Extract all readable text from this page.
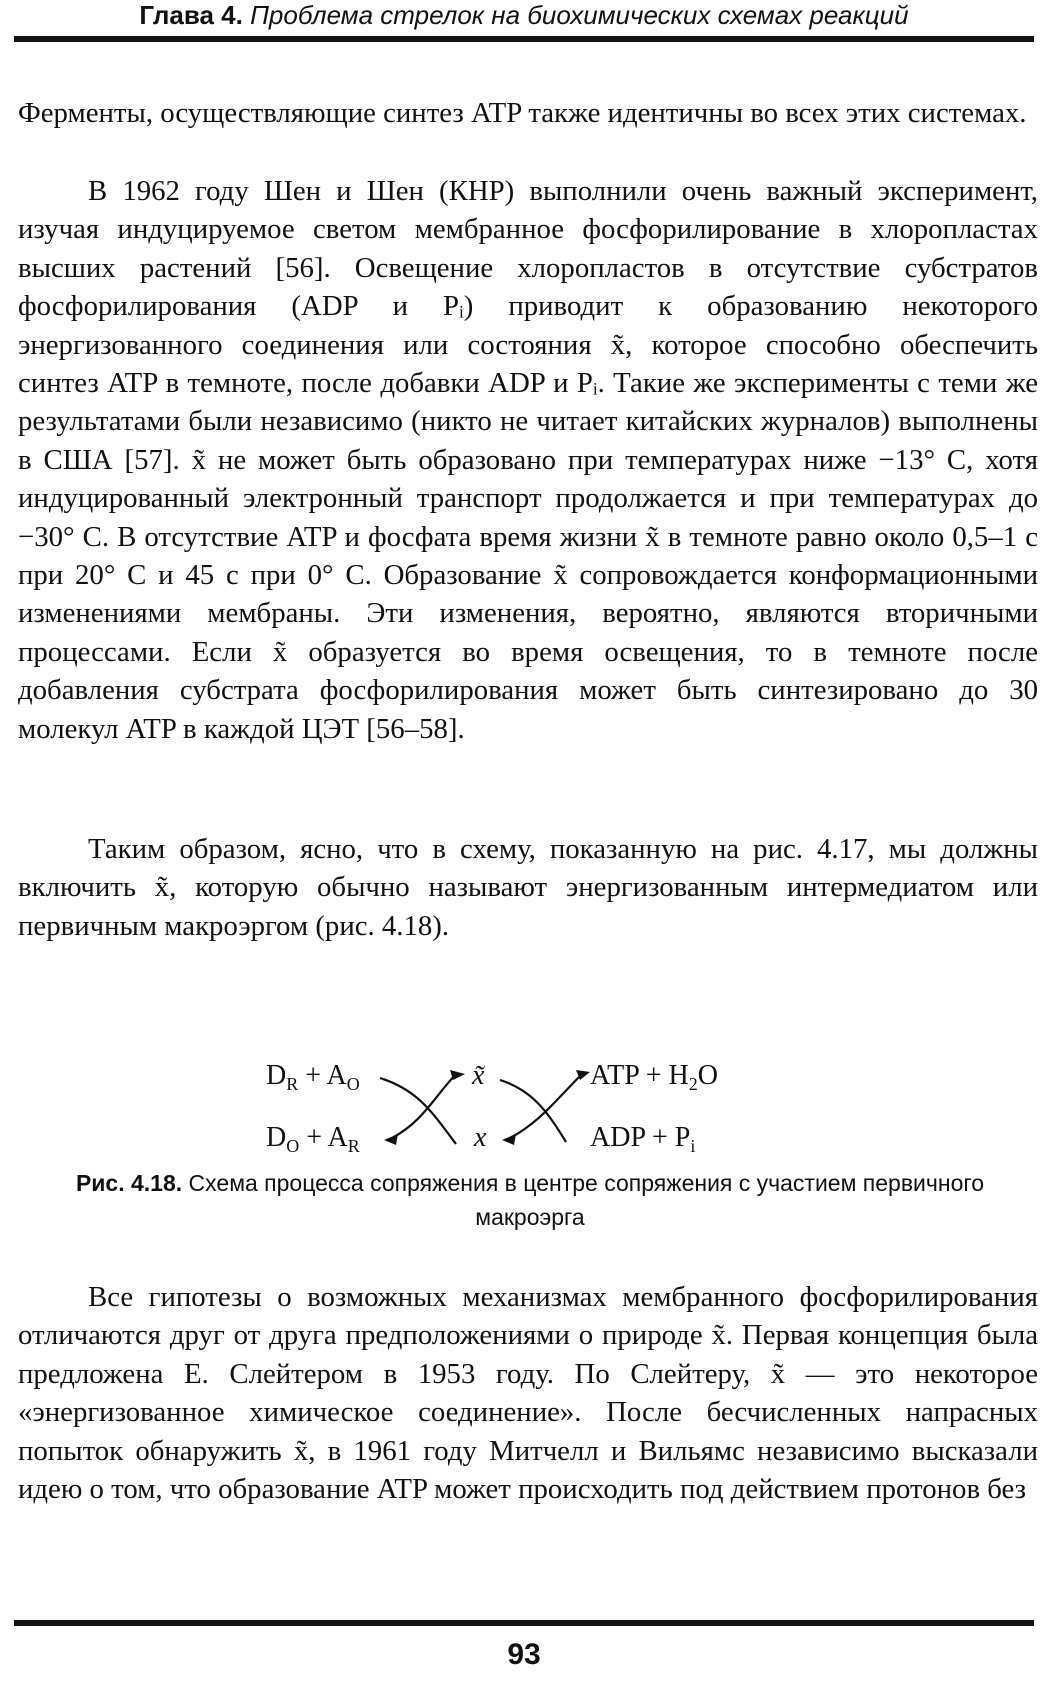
Глава 4. Проблема стрелок на биохимических схемах реакций

Ферменты, осуществляющие синтез ATP также идентичны во всех этих системах.

В 1962 году Шен и Шен (КНР) выполнили очень важный эксперимент, изучая индуцируемое светом мембранное фосфорилирование в хлоропластах высших растений [56]. Освещение хлоропластов в отсутствие субстратов фосфорилирования (ADP и Pᵢ) приводит к образованию некоторого энергизованного соединения или состояния x̃, которое способно обеспечить синтез ATP в темноте, после добавки ADP и Pᵢ. Такие же эксперименты с теми же результатами были независимо (никто не читает китайских журналов) выполнены в США [57]. x̃ не может быть образовано при температурах ниже −13° С, хотя индуцированный электронный транспорт продолжается и при температурах до −30° С. В отсутствие ATP и фосфата время жизни x̃ в темноте равно около 0,5–1 с при 20° С и 45 с при 0° С. Образование x̃ сопровождается конформационными изменениями мембраны. Эти изменения, вероятно, являются вторичными процессами. Если x̃ образуется во время освещения, то в темноте после добавления субстрата фосфорилирования может быть синтезировано до 30 молекул ATP в каждой ЦЭТ [56–58].

Таким образом, ясно, что в схему, показанную на рис. 4.17, мы должны включить x̃, которую обычно называют энергизованным интермедиатом или первичным макроэргом (рис. 4.18).

$D_R + A_O$
$D_O + A_R$
x̃
x
ATP + $H_2O$
ADP + $P_i$
Рис. 4.18. Схема процесса сопряжения в центре сопряжения с участием первичного макроэрга

Все гипотезы о возможных механизмах мембранного фосфорилирования отличаются друг от друга предположениями о природе x̃. Первая концепция была предложена Е. Слейтером в 1953 году. По Слейтеру, x̃ — это некоторое «энергизованное химическое соединение». После бесчисленных напрасных попыток обнаружить x̃, в 1961 году Митчелл и Вильямс независимо высказали идею о том, что образование ATP может происходить под действием протонов без

93
